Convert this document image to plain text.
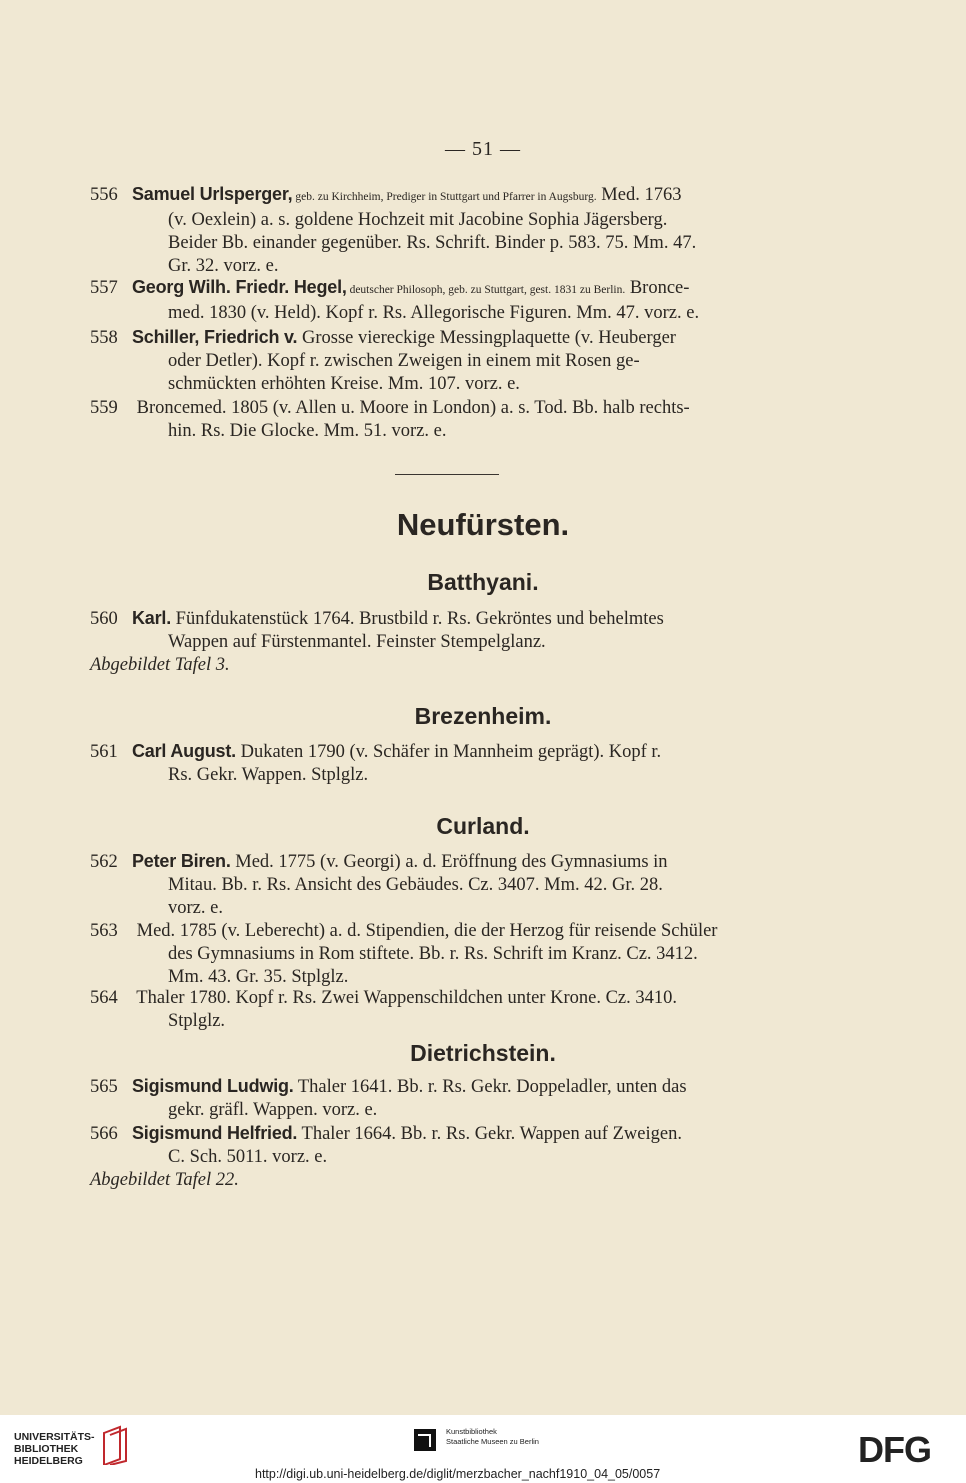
— 51 —
556 Samuel Urlsperger, geb. zu Kirchheim, Prediger in Stuttgart und Pfarrer in Augsburg. Med. 1763
(v. Oexlein) a. s. goldene Hochzeit mit Jacobine Sophia Jägersberg.
Beider Bb. einander gegenüber. Rs. Schrift. Binder p. 583. 75. Mm. 47.
Gr. 32. vorz. e.
557 Georg Wilh. Friedr. Hegel, deutscher Philosoph, geb. zu Stuttgart, gest. 1831 zu Berlin. Bronce-
med. 1830 (v. Held). Kopf r. Rs. Allegorische Figuren. Mm. 47. vorz. e.
558 Schiller, Friedrich v. Grosse viereckige Messingplaquette (v. Heuberger
oder Detler). Kopf r. zwischen Zweigen in einem mit Rosen ge-
schmückten erhöhten Kreise. Mm. 107. vorz. e.
559 Broncemed. 1805 (v. Allen u. Moore in London) a. s. Tod. Bb. halb rechts-
hin. Rs. Die Glocke. Mm. 51. vorz. e.
Neufürsten.
Batthyani.
560 Karl. Fünfdukatenstück 1764. Brustbild r. Rs. Gekröntes und behelmtes
Wappen auf Fürstenmantel. Feinster Stempelglanz.
Abgebildet Tafel 3.
Brezenheim.
561 Carl August. Dukaten 1790 (v. Schäfer in Mannheim geprägt). Kopf r.
Rs. Gekr. Wappen. Stplglz.
Curland.
562 Peter Biren. Med. 1775 (v. Georgi) a. d. Eröffnung des Gymnasiums in
Mitau. Bb. r. Rs. Ansicht des Gebäudes. Cz. 3407. Mm. 42. Gr. 28.
vorz. e.
563 Med. 1785 (v. Leberecht) a. d. Stipendien, die der Herzog für reisende Schüler
des Gymnasiums in Rom stiftete. Bb. r. Rs. Schrift im Kranz. Cz. 3412.
Mm. 43. Gr. 35. Stplglz.
564 Thaler 1780. Kopf r. Rs. Zwei Wappenschildchen unter Krone. Cz. 3410.
Stplglz.
Dietrichstein.
565 Sigismund Ludwig. Thaler 1641. Bb. r. Rs. Gekr. Doppeladler, unten das
gekr. gräfl. Wappen. vorz. e.
566 Sigismund Helfried. Thaler 1664. Bb. r. Rs. Gekr. Wappen auf Zweigen.
C. Sch. 5011. vorz. e.
Abgebildet Tafel 22.
UNIVERSITÄTS-
BIBLIOTHEK
HEIDELBERG
Kunstbibliothek
Staatliche Museen zu Berlin	DFG
http://digi.ub.uni-heidelberg.de/diglit/merzbacher_nachf1910_04_05/0057
